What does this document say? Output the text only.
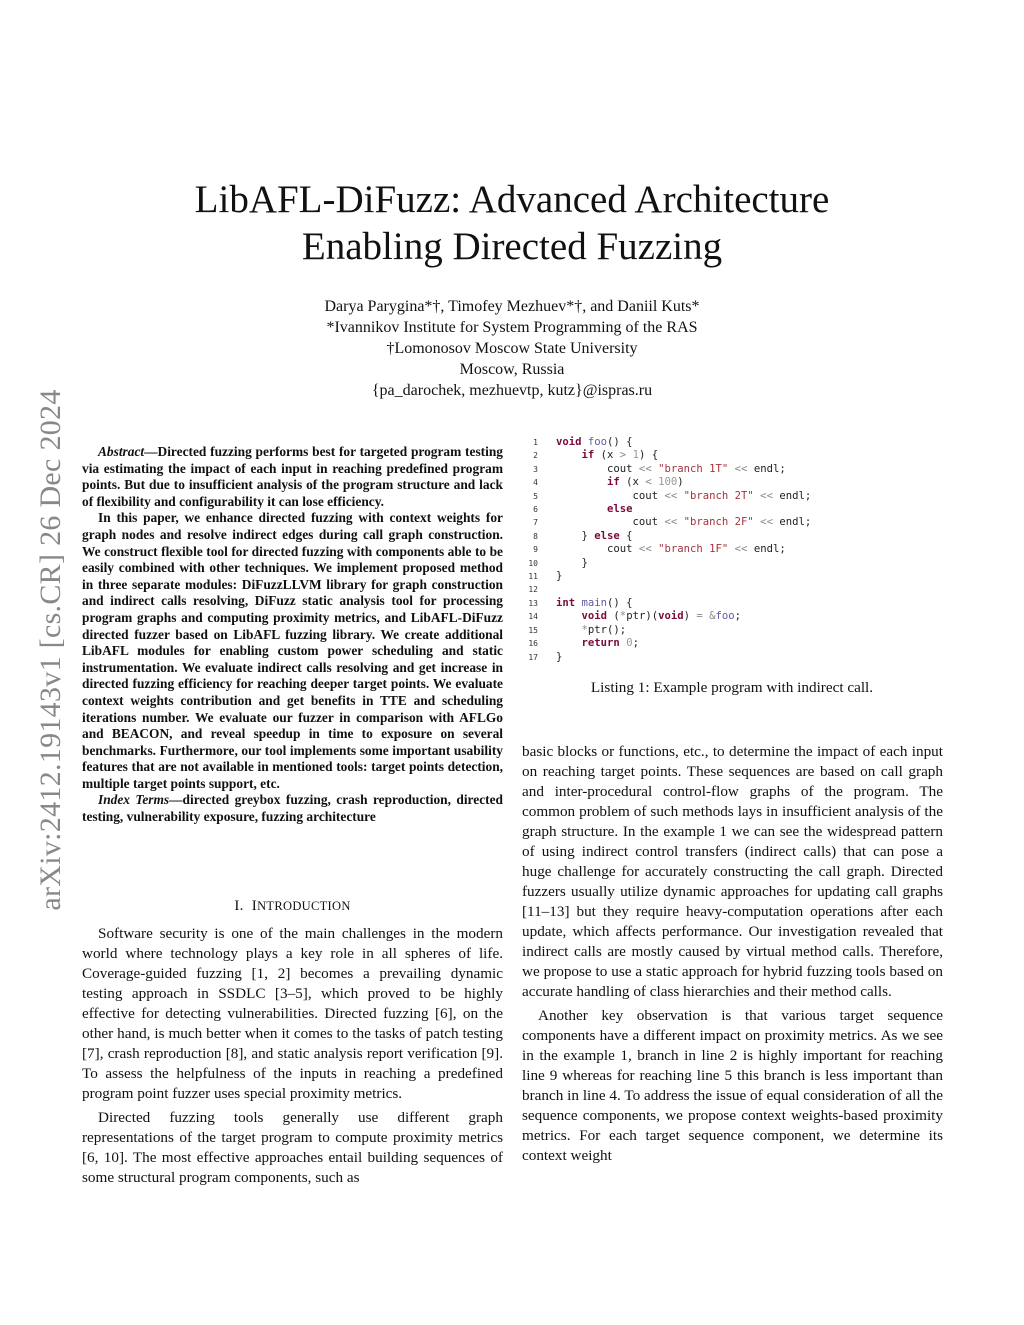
arXiv:2412.19143v1 [cs.CR] 26 Dec 2024
LibAFL-DiFuzz: Advanced Architecture
Enabling Directed Fuzzing
Darya Parygina*†, Timofey Mezhuev*†, and Daniil Kuts*
*Ivannikov Institute for System Programming of the RAS
†Lomonosov Moscow State University
Moscow, Russia
{pa_darochek, mezhuevtp, kutz}@ispras.ru

Abstract—Directed fuzzing performs best for targeted program testing via estimating the impact of each input in reaching predefined program points. But due to insufficient analysis of the program structure and lack of flexibility and configurability it can lose efficiency.

In this paper, we enhance directed fuzzing with context weights for graph nodes and resolve indirect edges during call graph construction. We construct flexible tool for directed fuzzing with components able to be easily combined with other techniques. We implement proposed method in three separate modules: DiFuzzLLVM library for graph construction and indirect calls resolving, DiFuzz static analysis tool for processing program graphs and computing proximity metrics, and LibAFL-DiFuzz directed fuzzer based on LibAFL fuzzing library. We create additional LibAFL modules for enabling custom power scheduling and static instrumentation. We evaluate indirect calls resolving and get increase in directed fuzzing efficiency for reaching deeper target points. We evaluate context weights contribution and get benefits in TTE and scheduling iterations number. We evaluate our fuzzer in comparison with AFLGo and BEACON, and reveal speedup in time to exposure on several benchmarks. Furthermore, our tool implements some important usability features that are not available in mentioned tools: target points detection, multiple target points support, etc.

Index Terms—directed greybox fuzzing, crash reproduction, directed testing, vulnerability exposure, fuzzing architecture

I. INTRODUCTION

Software security is one of the main challenges in the modern world where technology plays a key role in all spheres of life. Coverage-guided fuzzing [1, 2] becomes a prevailing dynamic testing approach in SSDLC [3–5], which proved to be highly effective for detecting vulnerabilities. Directed fuzzing [6], on the other hand, is much better when it comes to the tasks of patch testing [7], crash reproduction [8], and static analysis report verification [9]. To assess the helpfulness of the inputs in reaching a predefined program point fuzzer uses special proximity metrics.

Directed fuzzing tools generally use different graph representations of the target program to compute proximity metrics [6, 10]. The most effective approaches entail building sequences of some structural program components, such as

1 void foo() {
2	if (x > 1) {
3        cout << "branch 1T" << endl;
4	if (x < 100)
5            cout << "branch 2T" << endl;
6	else
7            cout << "branch 2F" << endl;
8    } else {
9        cout << "branch 1F" << endl;
10    }
11 }
12
13 int main() {
14	void (*ptr)(void) = &foo;
15	*ptr();
16	return 0;
17 }
Listing 1: Example program with indirect call.

basic blocks or functions, etc., to determine the impact of each input on reaching target points. These sequences are based on call graph and inter-procedural control-flow graphs of the program. The common problem of such methods lays in insufficient analysis of the graph structure. In the example 1 we can see the widespread pattern of using indirect control transfers (indirect calls) that can pose a huge challenge for accurately constructing the call graph. Directed fuzzers usually utilize dynamic approaches for updating call graphs [11–13] but they require heavy-computation operations after each update, which affects performance. Our investigation revealed that indirect calls are mostly caused by virtual method calls. Therefore, we propose to use a static approach for hybrid fuzzing tools based on accurate handling of class hierarchies and their method calls.

Another key observation is that various target sequence components have a different impact on proximity metrics. As we see in the example 1, branch in line 2 is highly important for reaching line 9 whereas for reaching line 5 this branch is less important than branch in line 4. To address the issue of equal consideration of all the sequence components, we propose context weights-based proximity metrics. For each target sequence component, we determine its context weight
